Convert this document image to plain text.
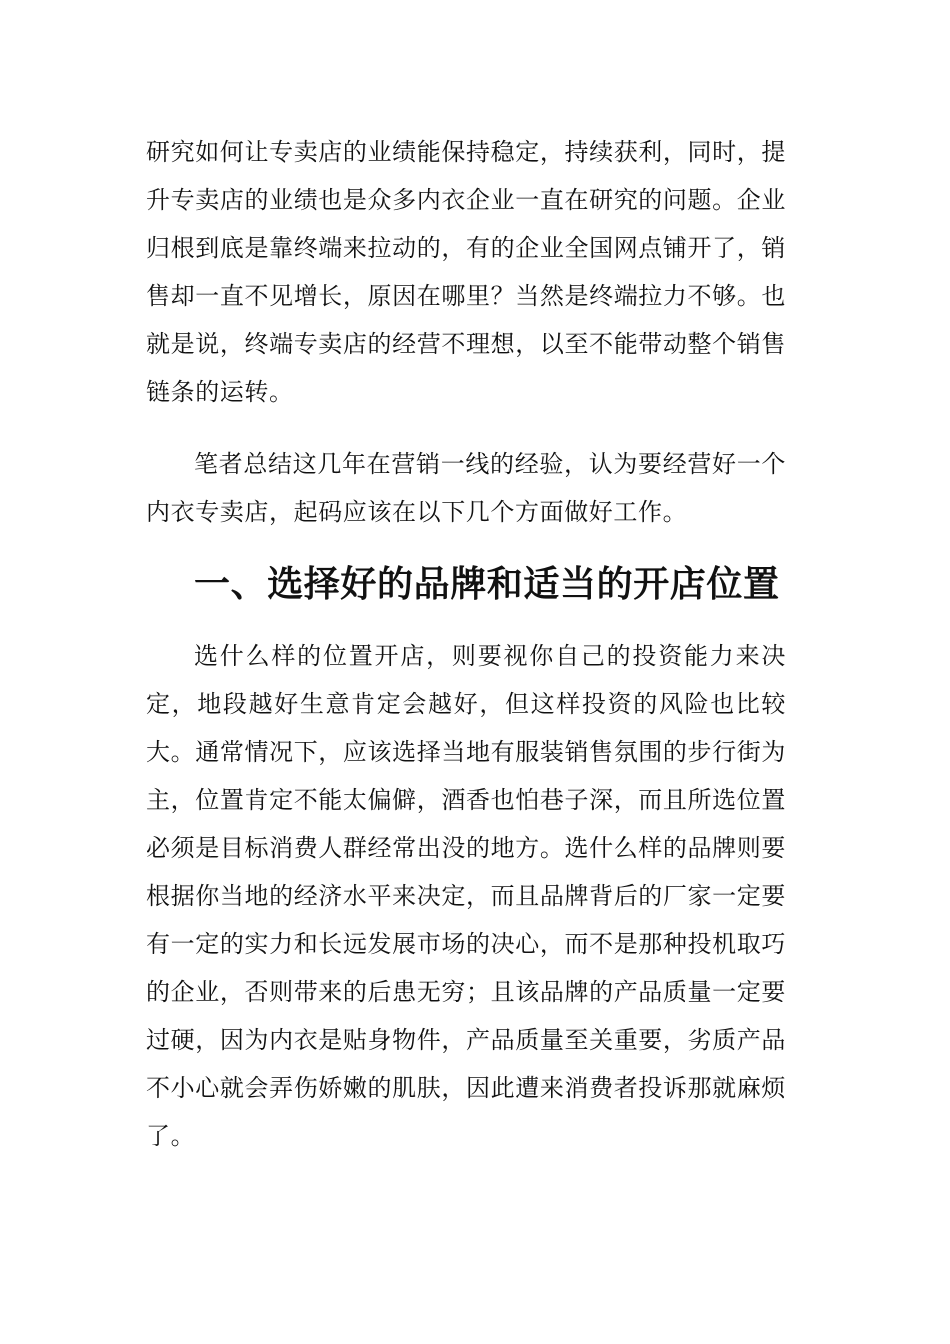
研究如何让专卖店的业绩能保持稳定，持续获利，同时，提升专卖店的业绩也是众多内衣企业一直在研究的问题。企业归根到底是靠终端来拉动的，有的企业全国网点铺开了，销售却一直不见增长，原因在哪里？当然是终端拉力不够。也就是说，终端专卖店的经营不理想，以至不能带动整个销售链条的运转。

笔者总结这几年在营销一线的经验，认为要经营好一个内衣专卖店，起码应该在以下几个方面做好工作。

一、选择好的品牌和适当的开店位置

选什么样的位置开店，则要视你自己的投资能力来决定，地段越好生意肯定会越好，但这样投资的风险也比较大。通常情况下，应该选择当地有服装销售氛围的步行街为主，位置肯定不能太偏僻，酒香也怕巷子深，而且所选位置必须是目标消费人群经常出没的地方。选什么样的品牌则要根据你当地的经济水平来决定，而且品牌背后的厂家一定要有一定的实力和长远发展市场的决心，而不是那种投机取巧的企业，否则带来的后患无穷；且该品牌的产品质量一定要过硬，因为内衣是贴身物件，产品质量至关重要，劣质产品不小心就会弄伤娇嫩的肌肤，因此遭来消费者投诉那就麻烦了。
